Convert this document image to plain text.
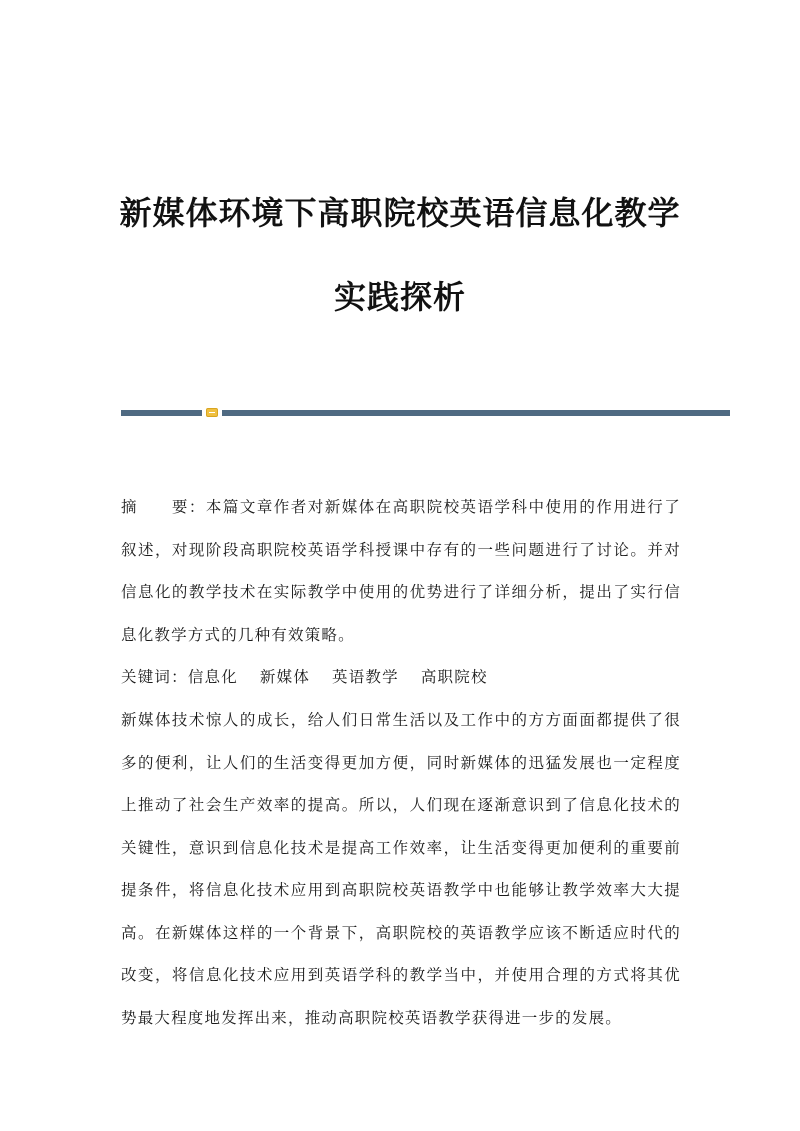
新媒体环境下高职院校英语信息化教学
实践探析
摘　　要：本篇文章作者对新媒体在高职院校英语学科中使用的作用进行了叙述，对现阶段高职院校英语学科授课中存有的一些问题进行了讨论。并对信息化的教学技术在实际教学中使用的优势进行了详细分析，提出了实行信息化教学方式的几种有效策略。
关键词：信息化 新媒体 英语教学 高职院校
新媒体技术惊人的成长，给人们日常生活以及工作中的方方面面都提供了很多的便利，让人们的生活变得更加方便，同时新媒体的迅猛发展也一定程度上推动了社会生产效率的提高。所以，人们现在逐渐意识到了信息化技术的关键性，意识到信息化技术是提高工作效率，让生活变得更加便利的重要前提条件，将信息化技术应用到高职院校英语教学中也能够让教学效率大大提高。在新媒体这样的一个背景下，高职院校的英语教学应该不断适应时代的改变，将信息化技术应用到英语学科的教学当中，并使用合理的方式将其优势最大程度地发挥出来，推动高职院校英语教学获得进一步的发展。
